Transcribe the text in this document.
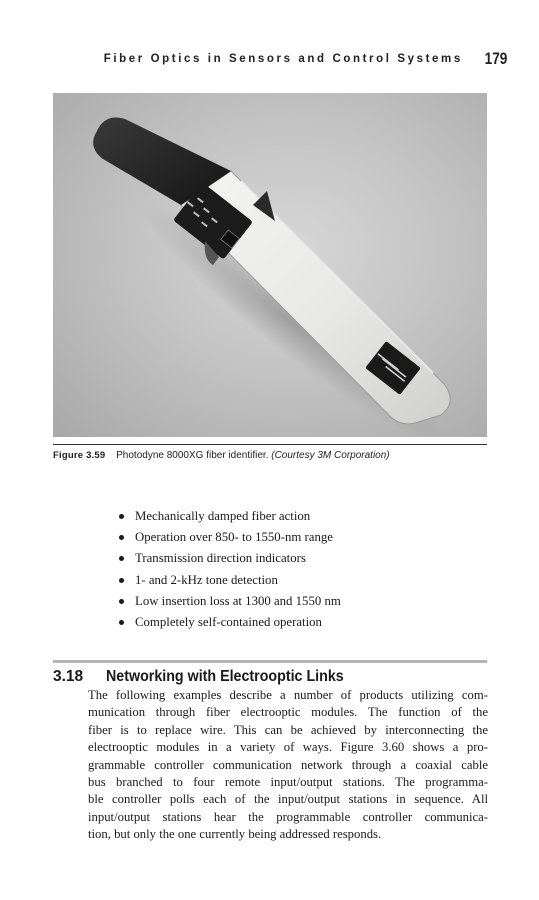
Fiber Optics in Sensors and Control Systems 179
Figure 3.59 Photodyne 8000XG fiber identifier. (Courtesy 3M Corporation)
Mechanically damped fiber action
Operation over 850- to 1550-nm range
Transmission direction indicators
1- and 2-kHz tone detection
Low insertion loss at 1300 and 1550 nm
Completely self-contained operation
3.18 Networking with Electrooptic Links

The following examples describe a number of products utilizing com-
munication through fiber electrooptic modules. The function of the
fiber is to replace wire. This can be achieved by interconnecting the
electrooptic modules in a variety of ways. Figure 3.60 shows a pro-
grammable controller communication network through a coaxial cable
bus branched to four remote input/output stations. The programma-
ble controller polls each of the input/output stations in sequence. All
input/output stations hear the programmable controller communica-
tion, but only the one currently being addressed responds.
